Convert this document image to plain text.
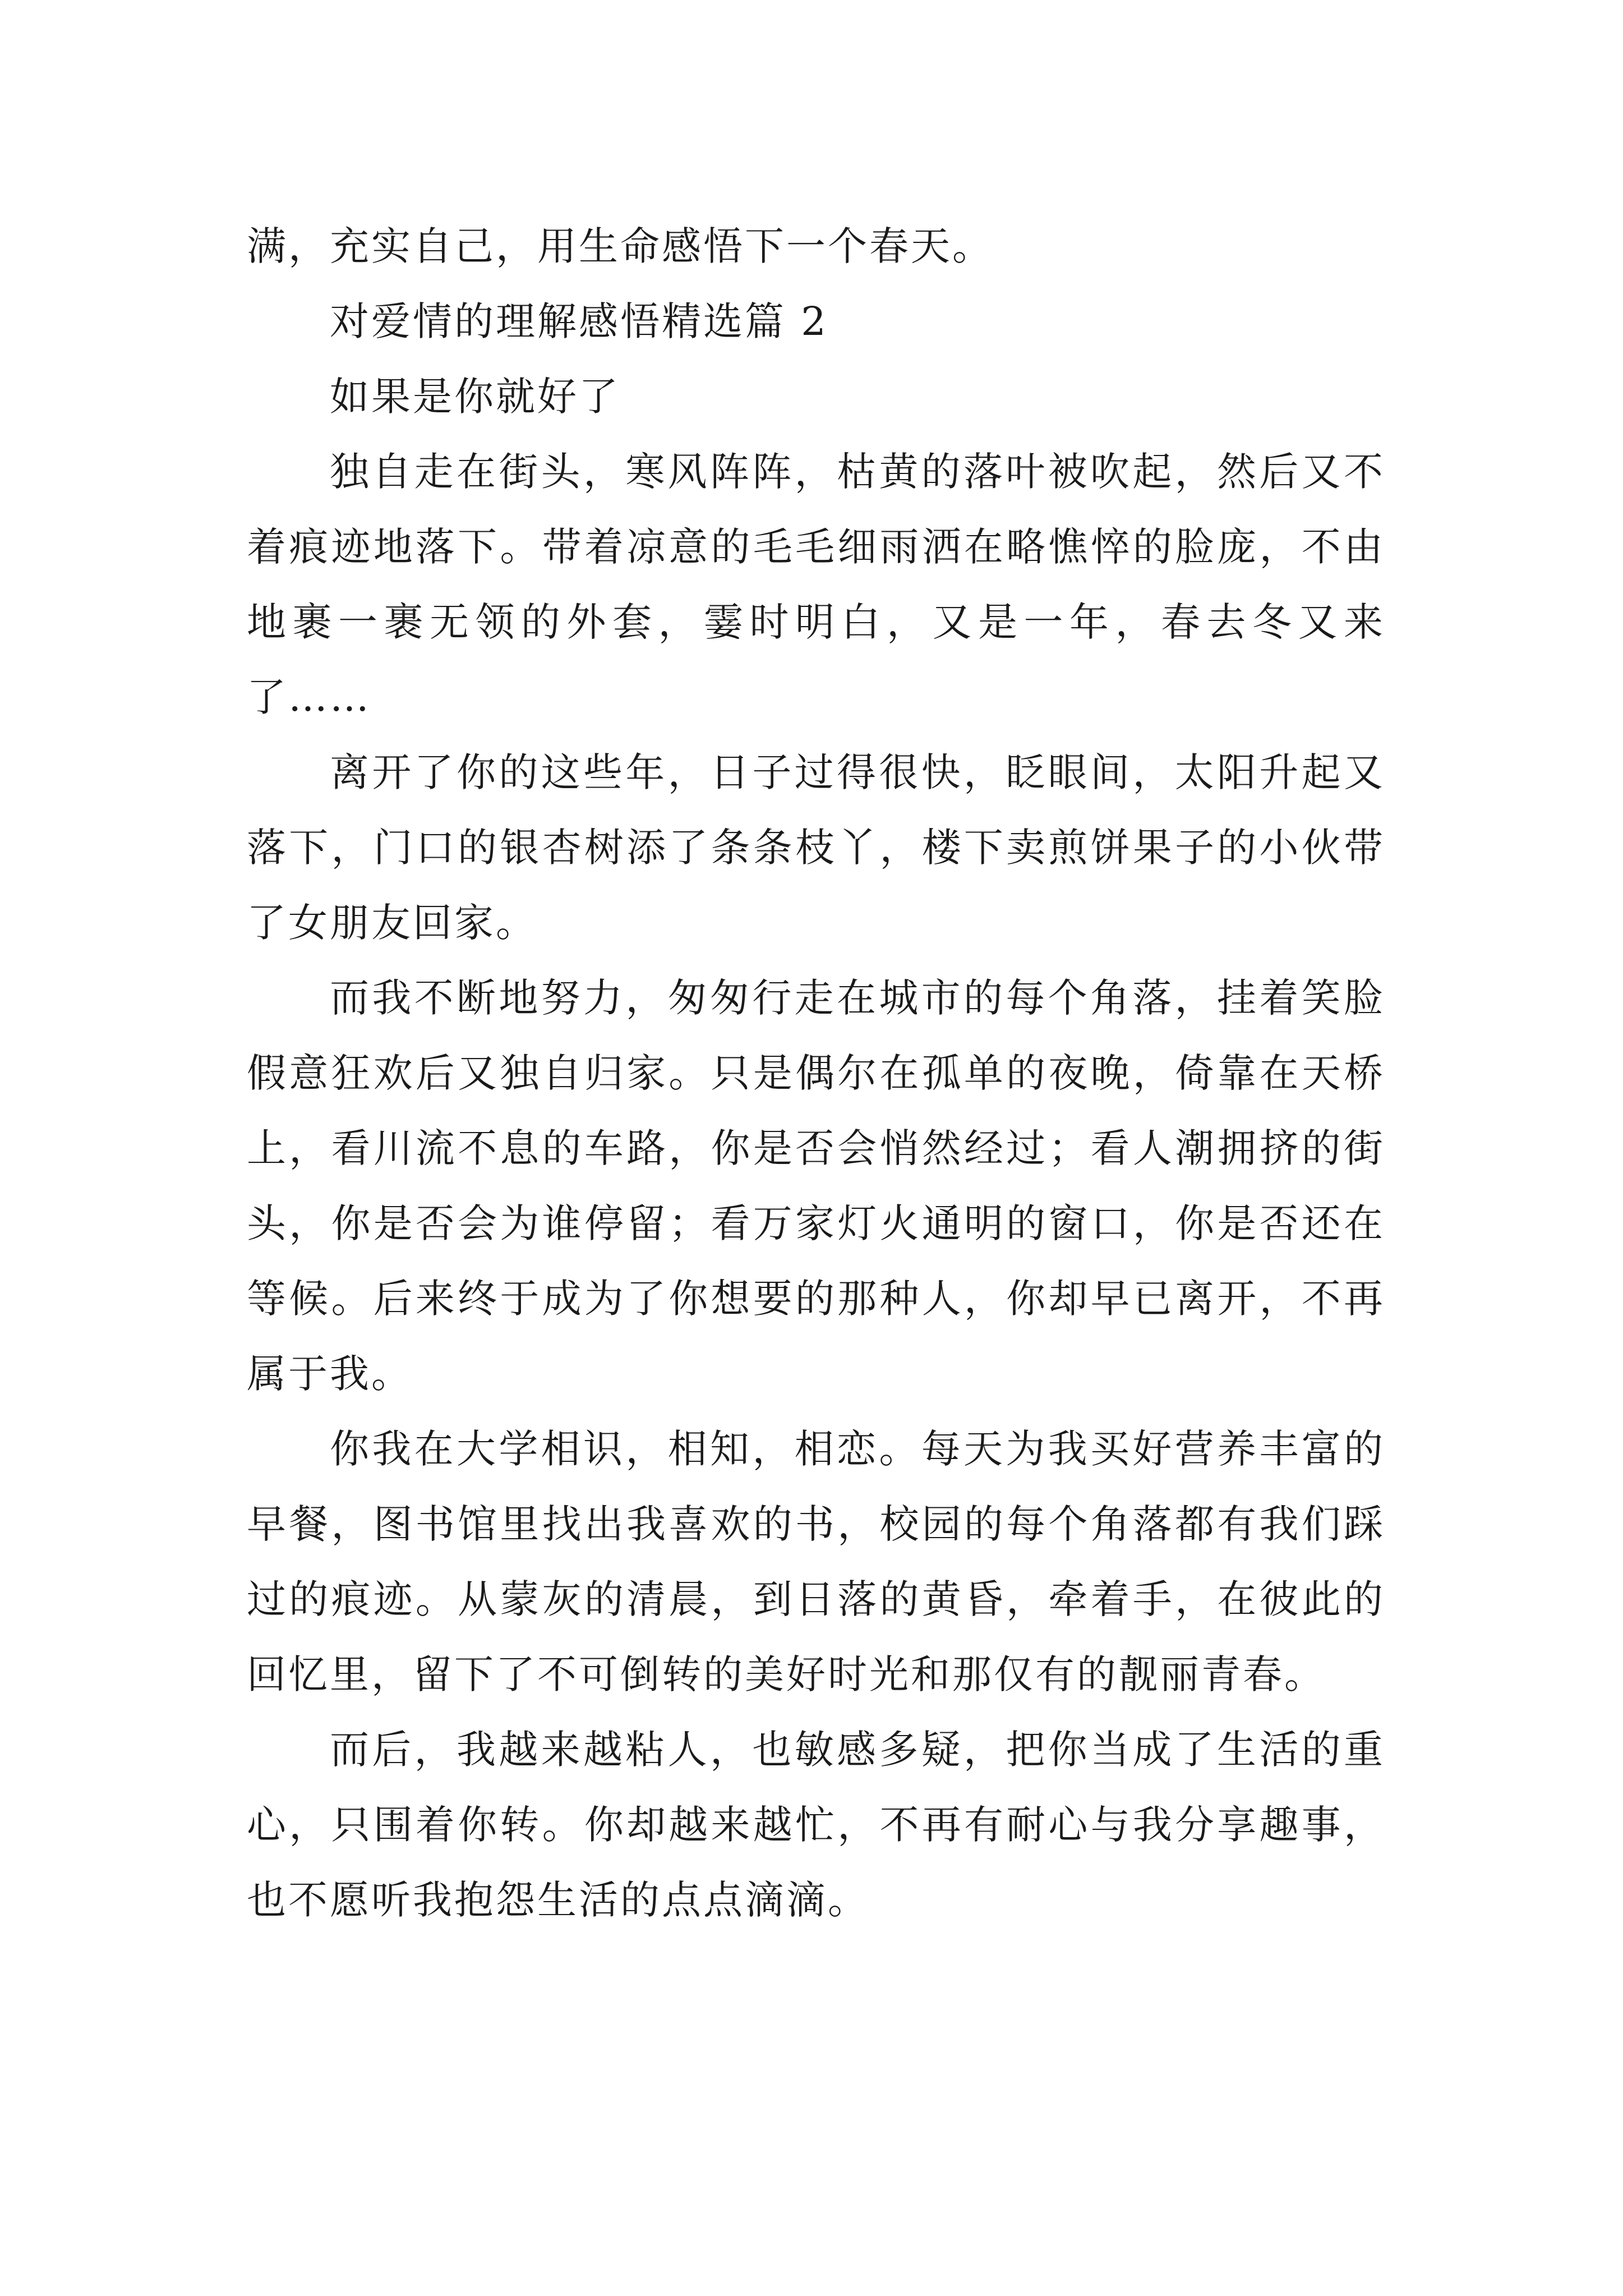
满，充实自己，用生命感悟下一个春天。

对爱情的理解感悟精选篇 2

如果是你就好了

独自走在街头，寒风阵阵，枯黄的落叶被吹起，然后又不着痕迹地落下。带着凉意的毛毛细雨洒在略憔悴的脸庞，不由地裹一裹无领的外套，霎时明白，又是一年，春去冬又来了……

离开了你的这些年，日子过得很快，眨眼间，太阳升起又落下，门口的银杏树添了条条枝丫，楼下卖煎饼果子的小伙带了女朋友回家。

而我不断地努力，匆匆行走在城市的每个角落，挂着笑脸假意狂欢后又独自归家。只是偶尔在孤单的夜晚，倚靠在天桥上，看川流不息的车路，你是否会悄然经过；看人潮拥挤的街头，你是否会为谁停留；看万家灯火通明的窗口，你是否还在等候。后来终于成为了你想要的那种人，你却早已离开，不再属于我。

你我在大学相识，相知，相恋。每天为我买好营养丰富的早餐，图书馆里找出我喜欢的书，校园的每个角落都有我们踩过的痕迹。从蒙灰的清晨，到日落的黄昏，牵着手，在彼此的回忆里，留下了不可倒转的美好时光和那仅有的靓丽青春。

而后，我越来越粘人，也敏感多疑，把你当成了生活的重心，只围着你转。你却越来越忙，不再有耐心与我分享趣事，也不愿听我抱怨生活的点点滴滴。
